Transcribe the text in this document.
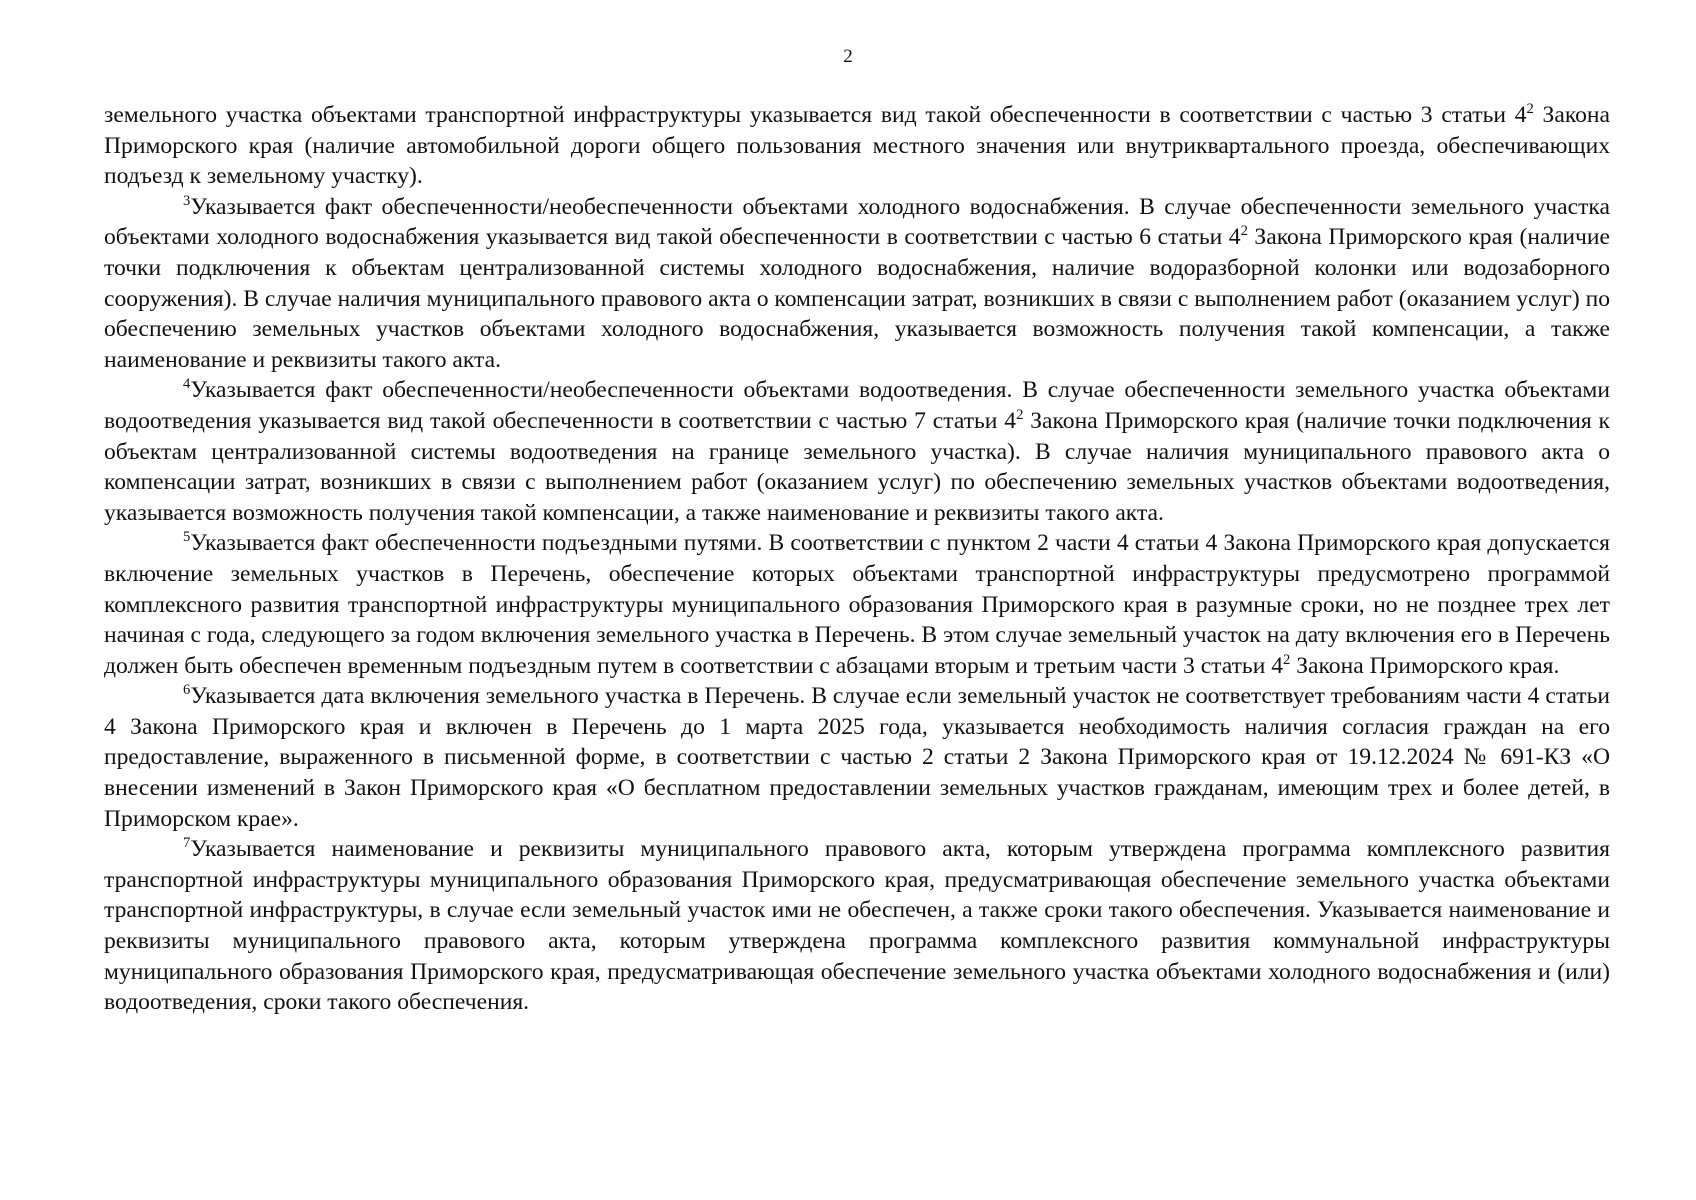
2

земельного участка объектами транспортной инфраструктуры указывается вид такой обеспеченности в соответствии с частью 3 статьи $4^2$ Закона Приморского края (наличие автомобильной дороги общего пользования местного значения или внутриквартального проезда, обеспечивающих подъезд к земельному участку).

$^3$Указывается факт обеспеченности/необеспеченности объектами холодного водоснабжения. В случае обеспеченности земельного участка объектами холодного водоснабжения указывается вид такой обеспеченности в соответствии с частью 6 статьи $4^2$ Закона Приморского края (наличие точки подключения к объектам централизованной системы холодного водоснабжения, наличие водоразборной колонки или водозаборного сооружения). В случае наличия муниципального правового акта о компенсации затрат, возникших в связи с выполнением работ (оказанием услуг) по обеспечению земельных участков объектами холодного водоснабжения, указывается возможность получения такой компенсации, а также наименование и реквизиты такого акта.

$^4$Указывается факт обеспеченности/необеспеченности объектами водоотведения. В случае обеспеченности земельного участка объектами водоотведения указывается вид такой обеспеченности в соответствии с частью 7 статьи $4^2$ Закона Приморского края (наличие точки подключения к объектам централизованной системы водоотведения на границе земельного участка). В случае наличия муниципального правового акта о компенсации затрат, возникших в связи с выполнением работ (оказанием услуг) по обеспечению земельных участков объектами водоотведения, указывается возможность получения такой компенсации, а также наименование и реквизиты такого акта.

$^5$Указывается факт обеспеченности подъездными путями. В соответствии с пунктом 2 части 4 статьи 4 Закона Приморского края допускается включение земельных участков в Перечень, обеспечение которых объектами транспортной инфраструктуры предусмотрено программой комплексного развития транспортной инфраструктуры муниципального образования Приморского края в разумные сроки, но не позднее трех лет начиная с года, следующего за годом включения земельного участка в Перечень. В этом случае земельный участок на дату включения его в Перечень должен быть обеспечен временным подъездным путем в соответствии с абзацами вторым и третьим части 3 статьи $4^2$ Закона Приморского края.

$^6$Указывается дата включения земельного участка в Перечень. В случае если земельный участок не соответствует требованиям части 4 статьи 4 Закона Приморского края и включен в Перечень до 1 марта 2025 года, указывается необходимость наличия согласия граждан на его предоставление, выраженного в письменной форме, в соответствии с частью 2 статьи 2 Закона Приморского края от 19.12.2024 № 691-КЗ «О внесении изменений в Закон Приморского края «О бесплатном предоставлении земельных участков гражданам, имеющим трех и более детей, в Приморском крае».

$^7$Указывается наименование и реквизиты муниципального правового акта, которым утверждена программа комплексного развития транспортной инфраструктуры муниципального образования Приморского края, предусматривающая обеспечение земельного участка объектами транспортной инфраструктуры, в случае если земельный участок ими не обеспечен, а также сроки такого обеспечения. Указывается наименование и реквизиты муниципального правового акта, которым утверждена программа комплексного развития коммунальной инфраструктуры муниципального образования Приморского края, предусматривающая обеспечение земельного участка объектами холодного водоснабжения и (или) водоотведения, сроки такого обеспечения.
